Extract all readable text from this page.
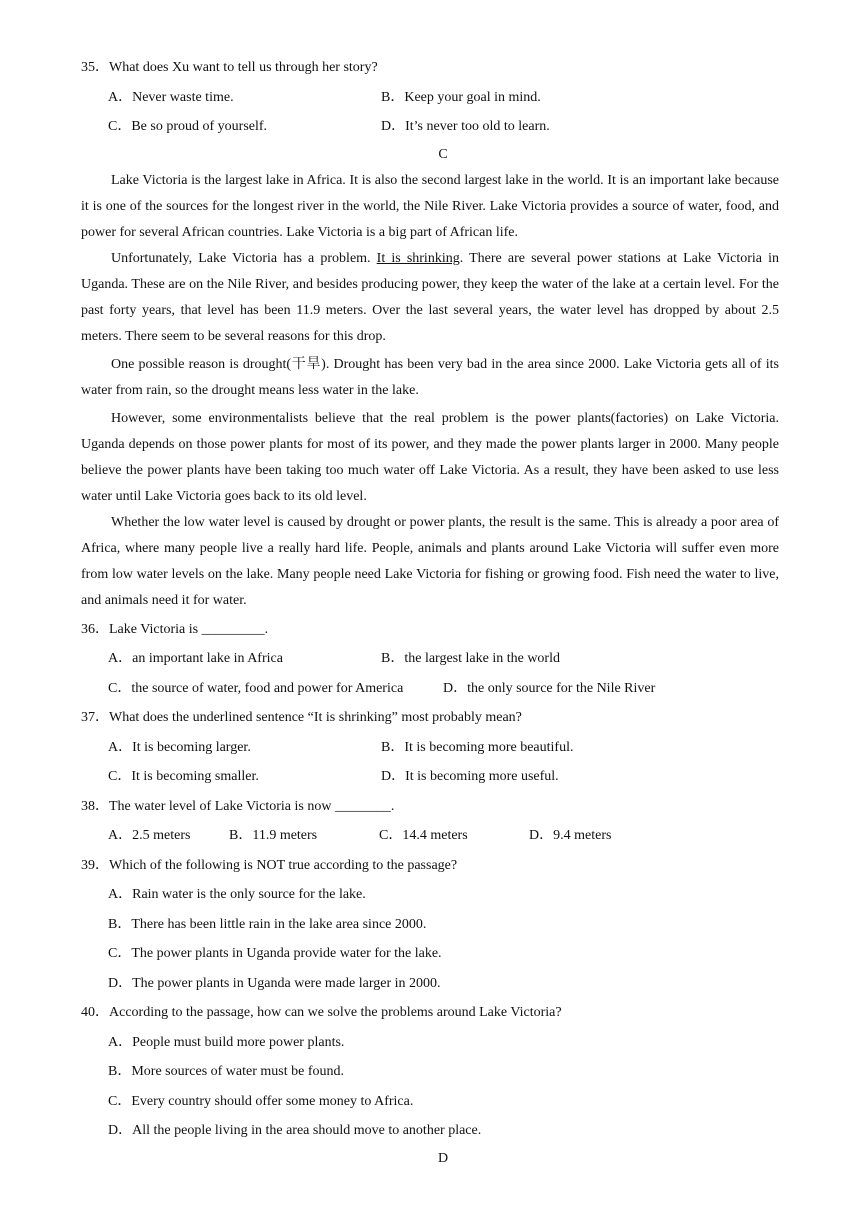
35．What does Xu want to tell us through her story?
A．Never waste time.	B．Keep your goal in mind.
C．Be so proud of yourself.	D．It’s never too old to learn.
C
Lake Victoria is the largest lake in Africa. It is also the second largest lake in the world. It is an important lake because it is one of the sources for the longest river in the world, the Nile River. Lake Victoria provides a source of water, food, and power for several African countries. Lake Victoria is a big part of African life.
Unfortunately, Lake Victoria has a problem. It is shrinking. There are several power stations at Lake Victoria in Uganda. These are on the Nile River, and besides producing power, they keep the water of the lake at a certain level. For the past forty years, that level has been 11.9 meters. Over the last several years, the water level has dropped by about 2.5 meters. There seem to be several reasons for this drop.
One possible reason is drought(干旱). Drought has been very bad in the area since 2000. Lake Victoria gets all of its water from rain, so the drought means less water in the lake.
However, some environmentalists believe that the real problem is the power plants(factories) on Lake Victoria. Uganda depends on those power plants for most of its power, and they made the power plants larger in 2000. Many people believe the power plants have been taking too much water off Lake Victoria. As a result, they have been asked to use less water until Lake Victoria goes back to its old level.
Whether the low water level is caused by drought or power plants, the result is the same. This is already a poor area of Africa, where many people live a really hard life. People, animals and plants around Lake Victoria will suffer even more from low water levels on the lake. Many people need Lake Victoria for fishing or growing food. Fish need the water to live, and animals need it for water.
36．Lake Victoria is _________.
A．an important lake in Africa	B．the largest lake in the world
C．the source of water, food and power for America	D．the only source for the Nile River
37．What does the underlined sentence “It is shrinking” most probably mean?
A．It is becoming larger.	B．It is becoming more beautiful.
C．It is becoming smaller.	D．It is becoming more useful.
38．The water level of Lake Victoria is now ________.
A．2.5 meters	B．11.9 meters	C．14.4 meters	D．9.4 meters
39．Which of the following is NOT true according to the passage?
A．Rain water is the only source for the lake.
B．There has been little rain in the lake area since 2000.
C．The power plants in Uganda provide water for the lake.
D．The power plants in Uganda were made larger in 2000.
40．According to the passage, how can we solve the problems around Lake Victoria?
A．People must build more power plants.
B．More sources of water must be found.
C．Every country should offer some money to Africa.
D．All the people living in the area should move to another place.
D
